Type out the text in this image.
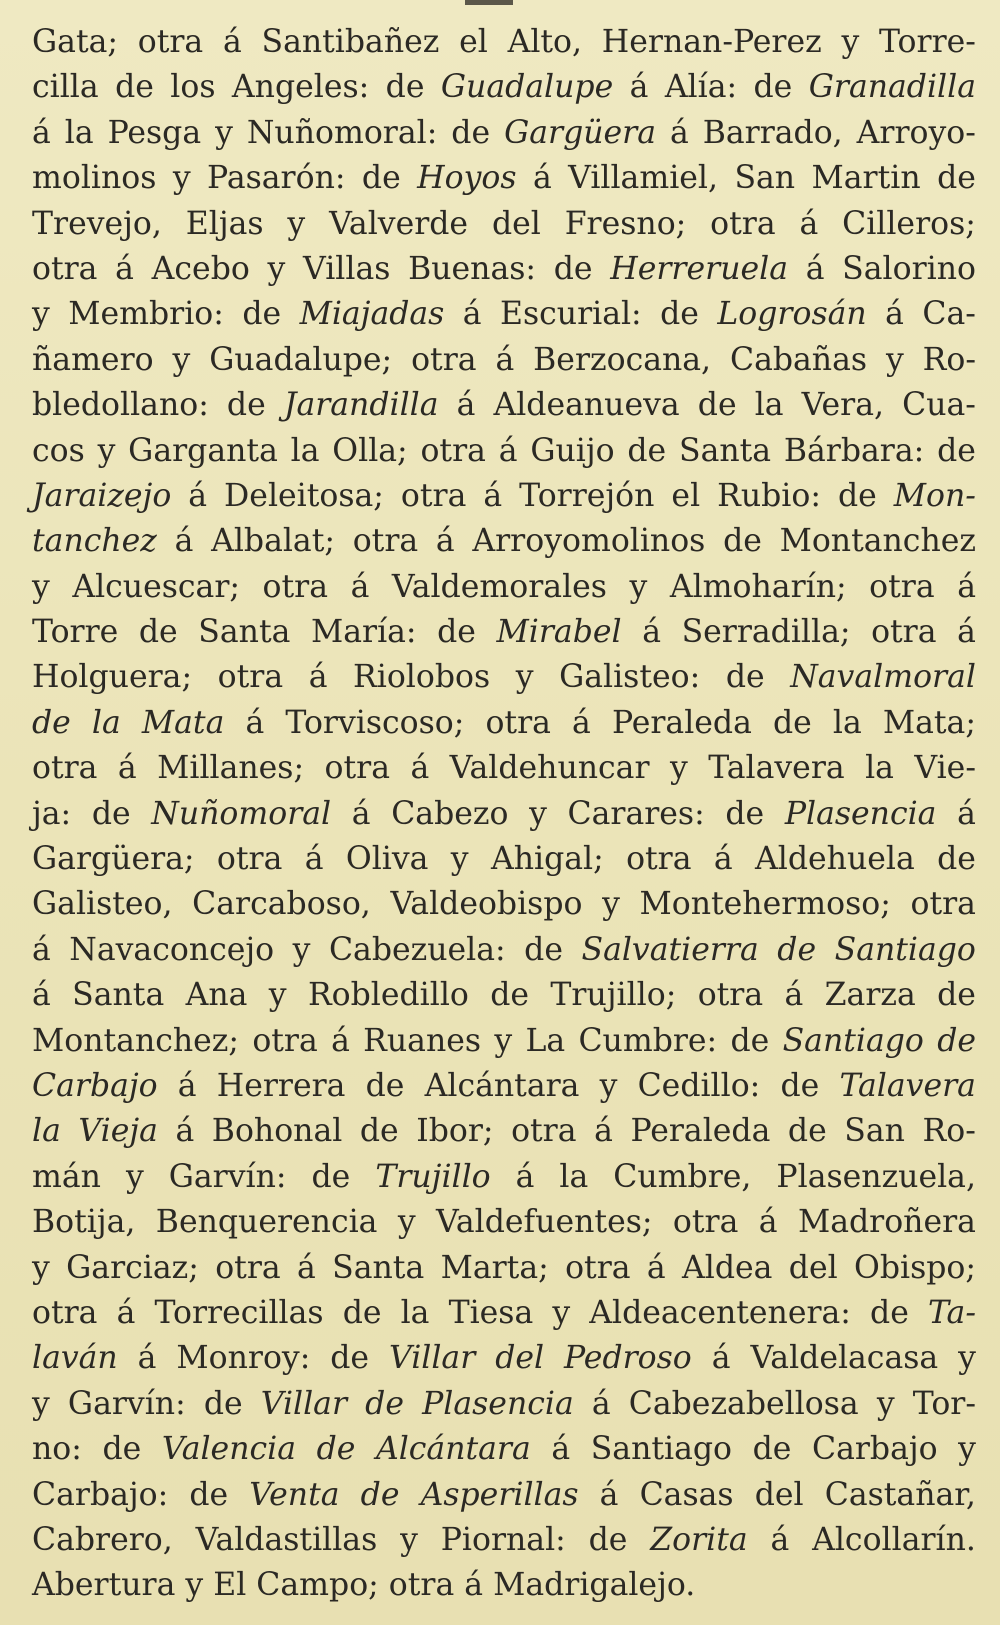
Gata; otra á Santibañez el Alto, Hernan-Perez y Torre-
cilla de los Angeles: de Guadalupe á Alía: de Granadilla
á la Pesga y Nuñomoral: de Gargüera á Barrado, Arroyo-
molinos y Pasarón: de Hoyos á Villamiel, San Martin de
Trevejo, Eljas y Valverde del Fresno; otra á Cilleros;
otra á Acebo y Villas Buenas: de Herreruela á Salorino
y Membrio: de Miajadas á Escurial: de Logrosán á Ca-
ñamero y Guadalupe; otra á Berzocana, Cabañas y Ro-
bledollano: de Jarandilla á Aldeanueva de la Vera, Cua-
cos y Garganta la Olla; otra á Guijo de Santa Bárbara: de
Jaraizejo á Deleitosa; otra á Torrejón el Rubio: de Mon-
tanchez á Albalat; otra á Arroyomolinos de Montanchez
y Alcuescar; otra á Valdemorales y Almoharín; otra á
Torre de Santa María: de Mirabel á Serradilla; otra á
Holguera; otra á Riolobos y Galisteo: de Navalmoral
de la Mata á Torviscoso; otra á Peraleda de la Mata;
otra á Millanes; otra á Valdehuncar y Talavera la Vie-
ja: de Nuñomoral á Cabezo y Carares: de Plasencia á
Gargüera; otra á Oliva y Ahigal; otra á Aldehuela de
Galisteo, Carcaboso, Valdeobispo y Montehermoso; otra
á Navaconcejo y Cabezuela: de Salvatierra de Santiago
á Santa Ana y Robledillo de Trujillo; otra á Zarza de
Montanchez; otra á Ruanes y La Cumbre: de Santiago de
Carbajo á Herrera de Alcántara y Cedillo: de Talavera
la Vieja á Bohonal de Ibor; otra á Peraleda de San Ro-
mán y Garvín: de Trujillo á la Cumbre, Plasenzuela,
Botija, Benquerencia y Valdefuentes; otra á Madroñera
y Garciaz; otra á Santa Marta; otra á Aldea del Obispo;
otra á Torrecillas de la Tiesa y Aldeacentenera: de Ta-
laván á Monroy: de Villar del Pedroso á Valdelacasa y
y Garvín: de Villar de Plasencia á Cabezabellosa y Tor-
no: de Valencia de Alcántara á Santiago de Carbajo y
Carbajo: de Venta de Asperillas á Casas del Castañar,
Cabrero, Valdastillas y Piornal: de Zorita á Alcollarín.
Abertura y El Campo; otra á Madrigalejo.
